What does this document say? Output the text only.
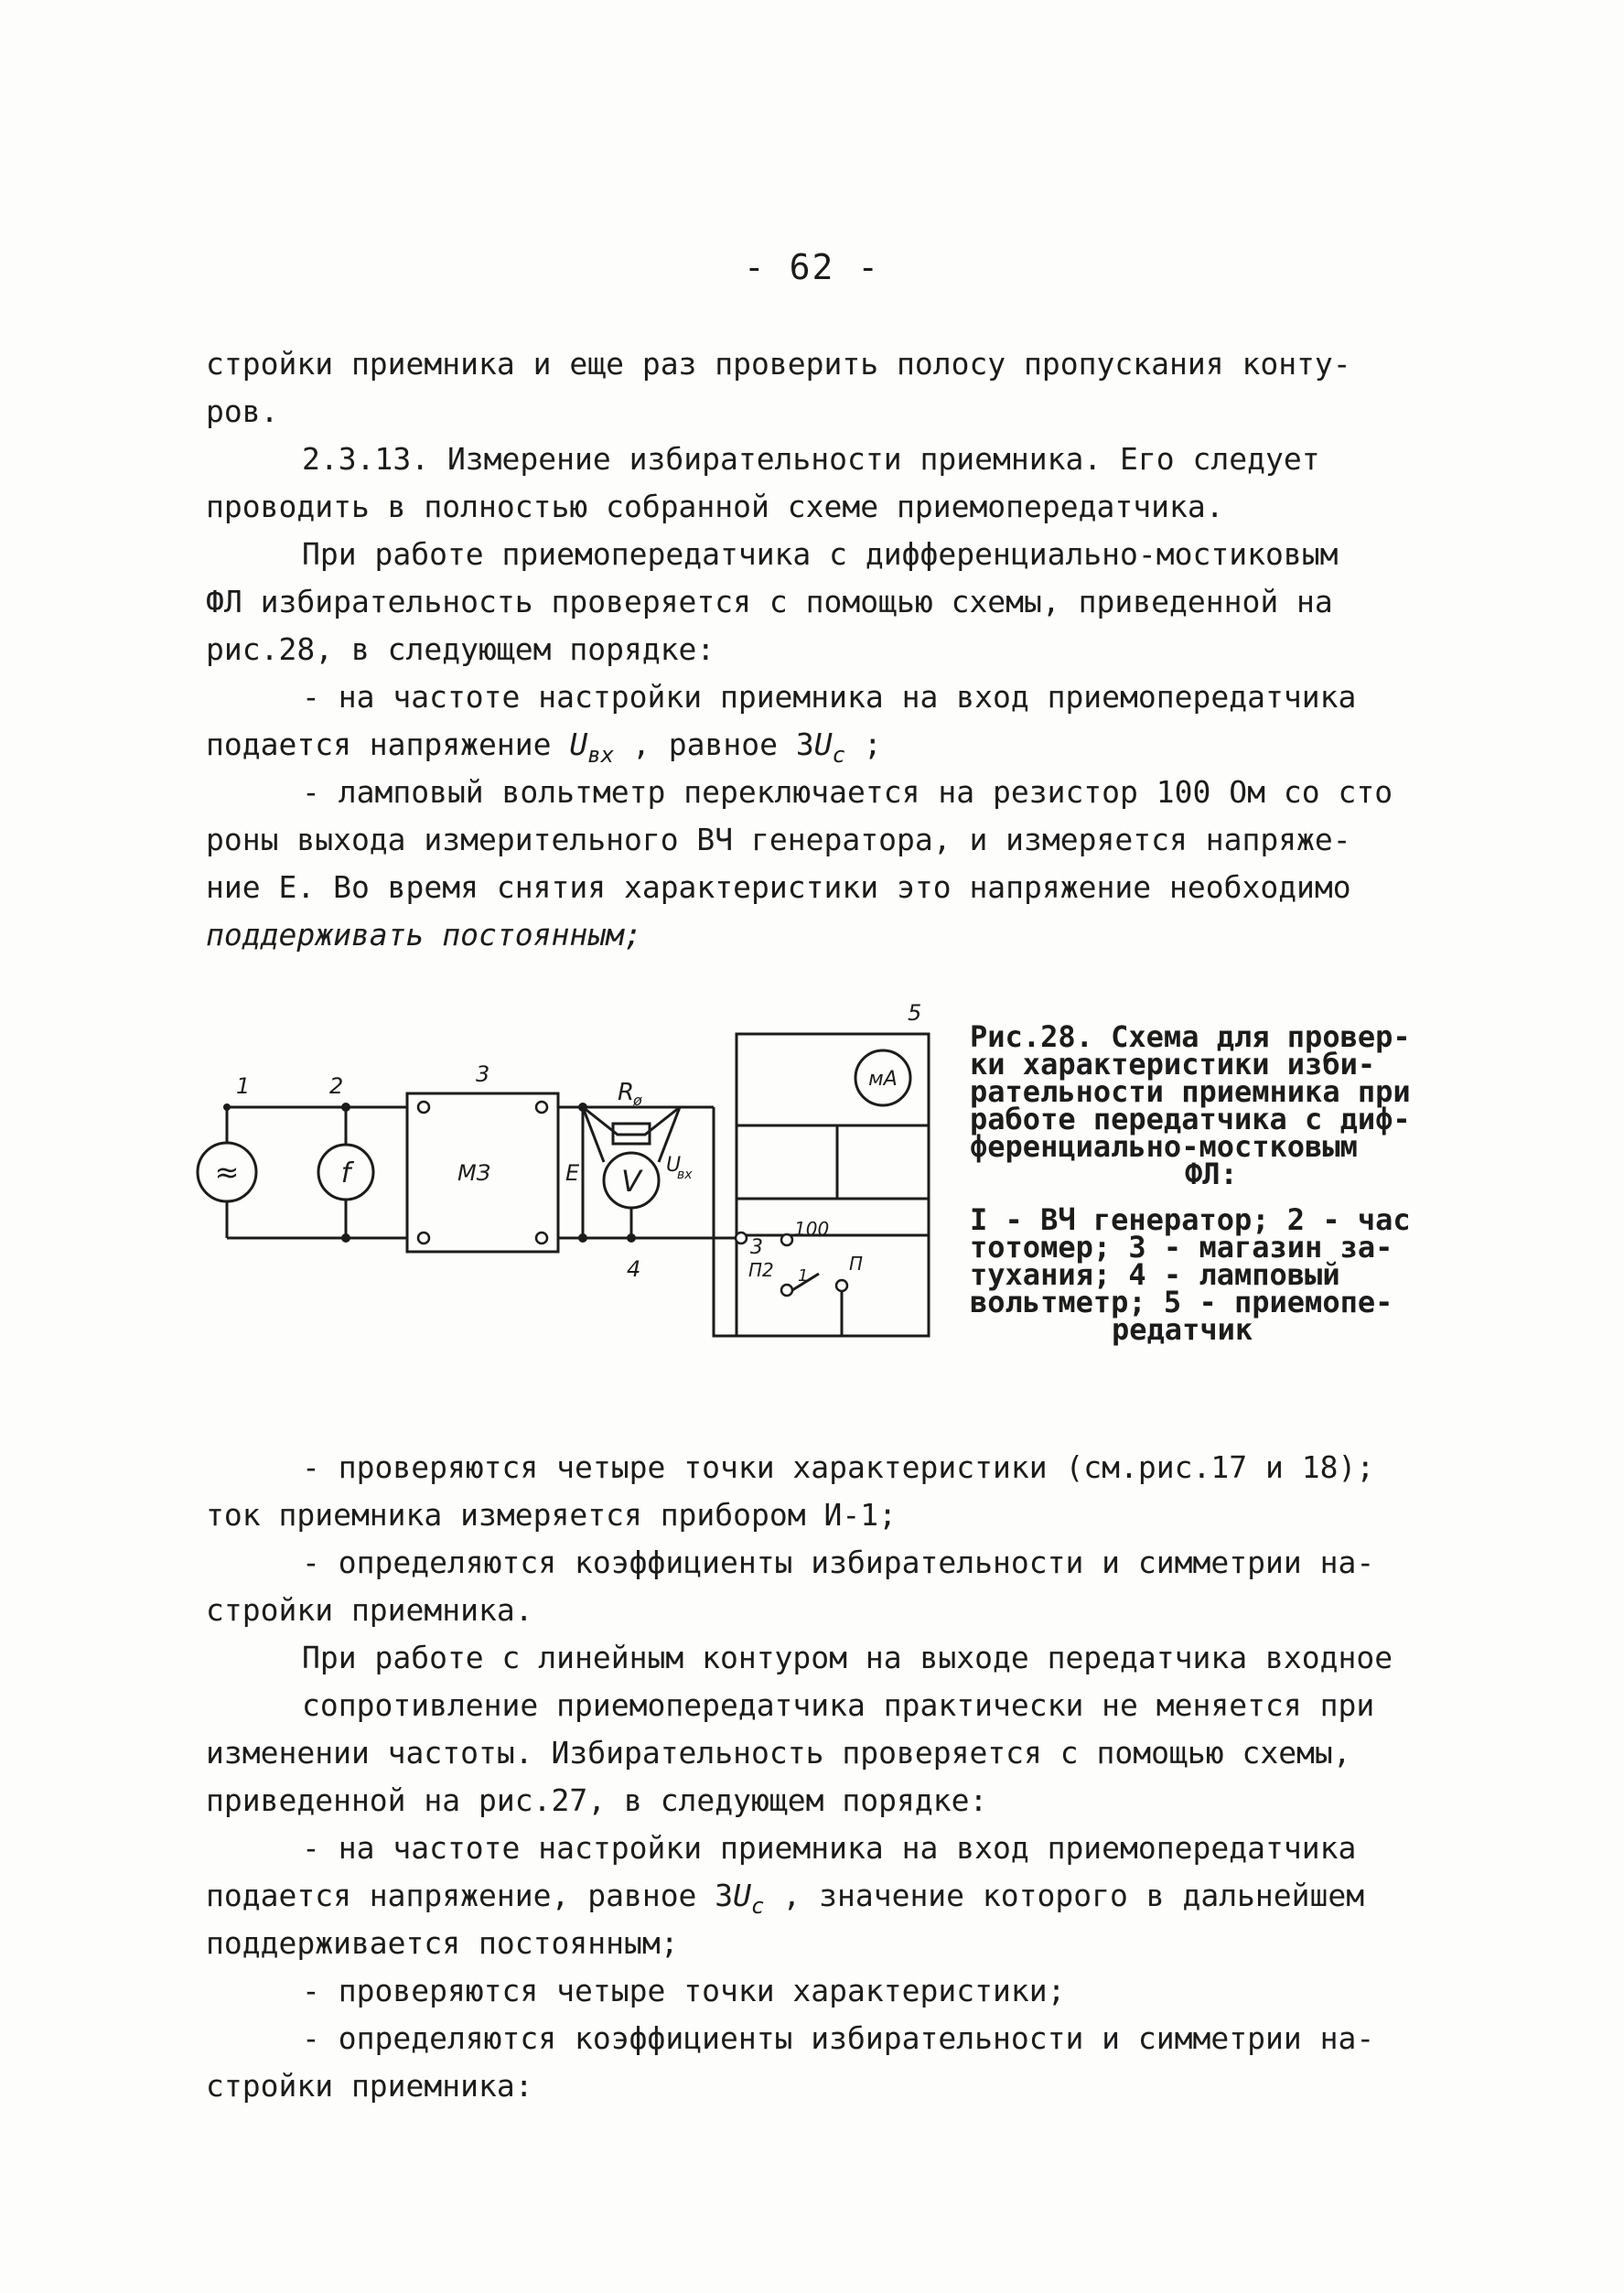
- 62 -
стройки приемника и еще раз проверить полосу пропускания конту-
ров.
2.3.13. Измерение избирательности приемника. Его следует
проводить в полностью собранной схеме приемопередатчика.
При работе приемопередатчика с дифференциально-мостиковым
ФЛ избирательность проверяется с помощью схемы, приведенной на
рис.28, в следующем порядке:
- на частоте настройки приемника на вход приемопередатчика
подается напряжение $U_{вх}$ , равное $3U_c$ ;
- ламповый вольтметр переключается на резистор 100 Ом со сто
роны выхода измерительного ВЧ генератора, и измеряется напряже-
ние Е. Во время снятия характеристики это напряжение необходимо
поддерживать постоянным;
≈	f	V
мА
1	2	3
4
5
МЗ	Е
R
ø
U
вх
3
100
П2 1
П
Рис.28. Схема для провер-
ки характеристики изби-
рательности приемника при
работе передатчика с диф-
ференциально-мостковым
ФЛ:
I - ВЧ генератор; 2 - час
тотомер; 3 - магазин за-
тухания; 4 - ламповый
вольтметр; 5 - приемопе-
редатчик
- проверяются четыре точки характеристики (см.рис.17 и 18);
ток приемника измеряется прибором И-1;
- определяются коэффициенты избирательности и симметрии на-
стройки приемника.
При работе с линейным контуром на выходе передатчика входное сопротивление приемопередатчика практически не меняется при
изменении частоты. Избирательность проверяется с помощью схемы,
приведенной на рис.27, в следующем порядке:
- на частоте настройки приемника на вход приемопередатчика
подается напряжение, равное $3U_c$ , значение которого в дальнейшем
поддерживается постоянным;
- проверяются четыре точки характеристики;
- определяются коэффициенты избирательности и симметрии на-
стройки приемника:
